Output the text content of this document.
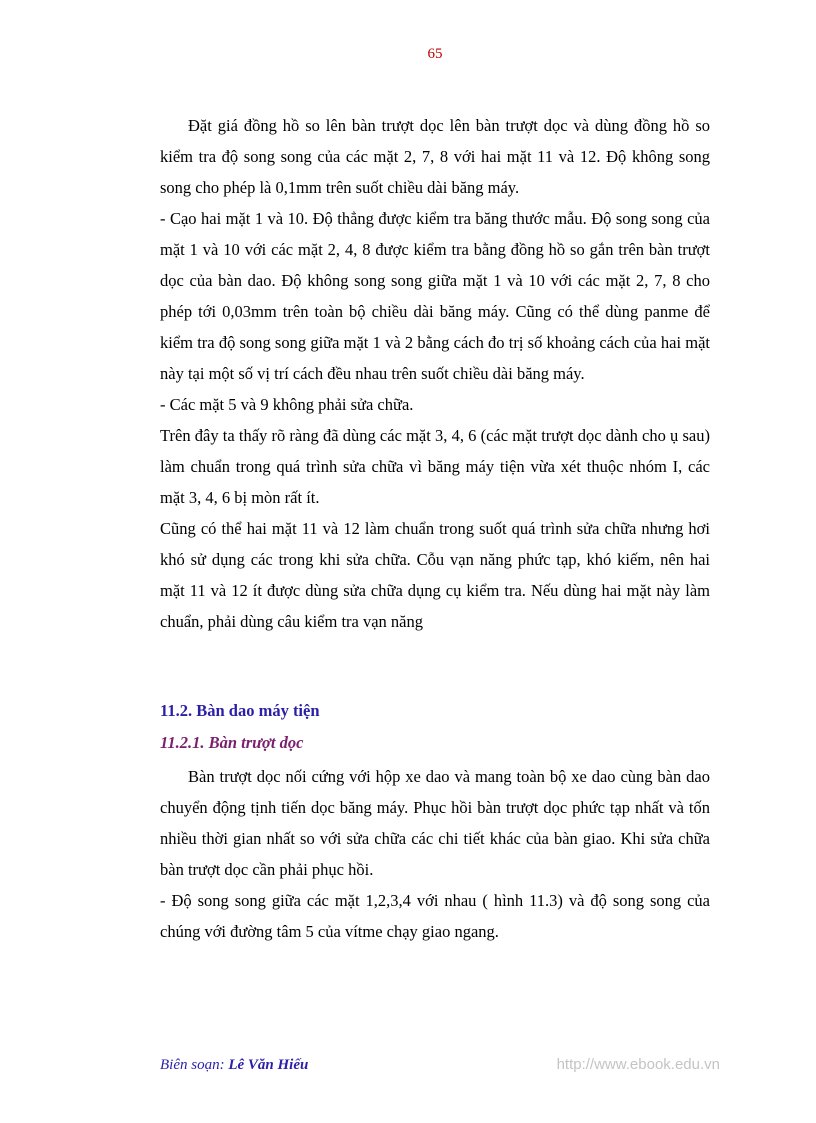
65

Đặt giá đồng hồ so lên bàn trượt dọc lên bàn trượt dọc và dùng đồng hồ so kiểm tra độ song song của các mặt 2, 7, 8 với hai mặt 11 và 12. Độ không song song cho phép là 0,1mm trên suốt chiều dài băng máy.

- Cạo hai mặt 1 và 10. Độ thẳng được kiểm tra băng thước mẫu. Độ song song của mặt 1 và 10 với các mặt 2, 4, 8 được kiểm tra bằng đồng hồ so gắn trên bàn trượt dọc của bàn dao. Độ không song song giữa mặt 1 và 10 với các mặt 2, 7, 8 cho phép tới 0,03mm trên toàn bộ chiều dài băng máy. Cũng có thể dùng panme để kiểm tra độ song song giữa mặt 1 và 2 bằng cách đo trị số khoảng cách của hai mặt này tại một số vị trí cách đều nhau trên suốt chiều dài băng máy.

- Các mặt 5 và 9 không phải sửa chữa.

Trên đây ta thấy rõ ràng đã dùng các mặt 3, 4, 6 (các mặt trượt dọc dành cho ụ sau) làm chuẩn trong quá trình sửa chữa vì băng máy tiện vừa xét thuộc nhóm I, các mặt 3, 4, 6 bị mòn rất ít.

Cũng có thể hai mặt 11 và 12 làm chuẩn trong suốt quá trình sửa chữa nhưng hơi khó sử dụng các trong khi sửa chữa. Cỗu vạn năng phức tạp, khó kiếm, nên hai mặt 11 và 12 ít được dùng sửa chữa dụng cụ kiểm tra. Nếu dùng hai mặt này làm chuẩn, phải dùng câu kiểm tra vạn năng

11.2. Bàn dao máy tiện
11.2.1. Bàn trượt dọc

Bàn trượt dọc nối cứng với hộp xe dao và mang toàn bộ xe dao cùng bàn dao chuyển động tịnh tiến dọc băng máy. Phục hồi bàn trượt dọc phức tạp nhất và tốn nhiều thời gian nhất so với sửa chữa các chi tiết khác của bàn giao. Khi sửa chữa bàn trượt dọc cần phải phục hồi.

- Độ song song giữa các mặt 1,2,3,4 với nhau ( hình 11.3) và độ song song của chúng với đường tâm 5 của vítme chạy giao ngang.

Biên soạn: Lê Văn Hiếu	http://www.ebook.edu.vn
